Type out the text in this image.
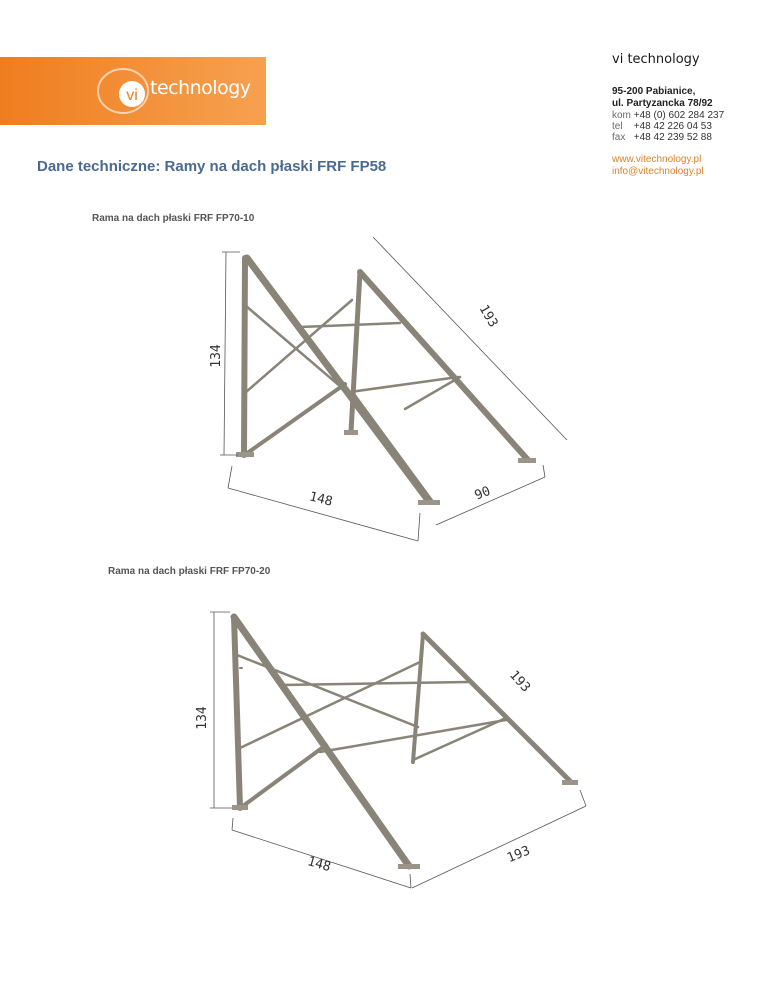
vi technology
vi technology
95-200 Pabianice,
ul. Partyzancka 78/92
kom +48 (0) 602 284 237
tel +48 42 226 04 53
fax +48 42 239 52 88
www.vitechnology.pl
info@vitechnology.pl
Dane techniczne: Ramy na dach płaski FRF FP58
Rama na dach płaski FRF FP70-10
134
193
148	90
Rama na dach płaski FRF FP70-20
134
193
148	193
